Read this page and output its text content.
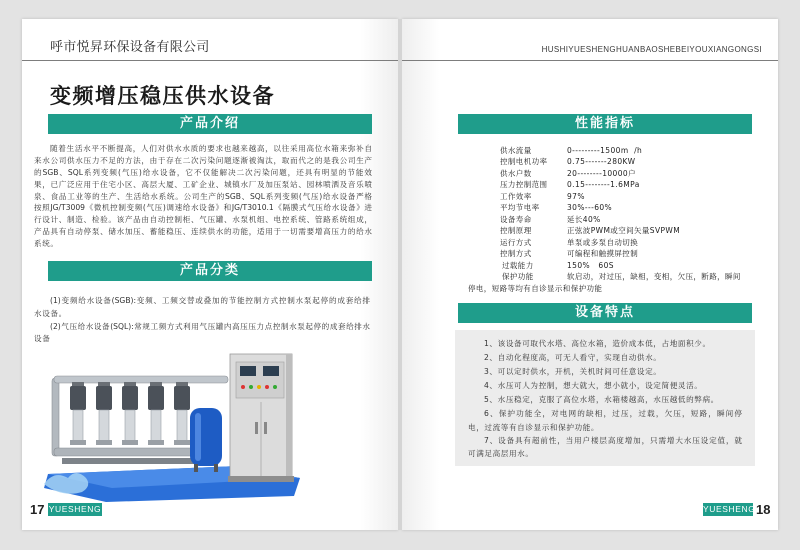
呼市悦昇环保设备有限公司
变频增压稳压供水设备
产品介绍
随着生活水平不断提高，人们对供水水质的要求也越来越高，以往采用高位水箱来弥补自
来水公司供水压力不足的方法，由于存在二次污染问题逐渐被淘汰，取而代之的是我公司生产
的SGB、SQL系列变频(气压)给水设备，它不仅能解决二次污染问题，还具有明显的节能效
果，已广泛应用于住宅小区、高层大厦、工矿企业、城镇水厂及加压泵站、园林喷洒及音乐喷
泉、食品工业等的生产、生活给水系统。公司生产的SGB、SQL系列变频(气压)给水设备严格
按照JG/T3009《微机控制变频(气压)调速给水设备》和JG/T3010.1《隔膜式气压给水设备》进
行设计、制造、检验。该产品由自动控制柜、气压罐、水泵机组、电控系统、管路系统组成，
产品具有自动停泵、储水加压、蓄能稳压、连续供水的功能，适用于一切需要增高压力的给水
系统。
产品分类
(1)变频给水设备(SGB):变频、工频交替或叠加的节能控制方式控制水泵起停的成套给排
水设备。
(2)气压给水设备(SQL):常规工频方式利用气压罐内高压压力点控制水泵起停的成套给排水
设备
17 YUESHENG
HUSHIYUESHENGHUANBAOSHEBEIYOUXIANGONGSI
性能指标
供水流量	0---------1500m  /h
控制电机功率	0.75-------280KW
供水户数	20--------10000户
压力控制范围	0.15--------1.6MPa
工作效率	97%
平均节电率	30%---60%
设备寿命	延长40%
控制原理	正弦波PWM或空间矢量SVPWM
运行方式	单泵或多泵自动切换
控制方式	可编程和触摸屏控制
过载能力	150%   60S
保护功能	软启动，对过压，缺相，变相，欠压，断路，瞬间
停电，短路等均有自诊显示和保护功能
设备特点
1、该设备可取代水塔、高位水箱，造价成本低，占地面积少。
2、自动化程度高，可无人看守，实现自动供水。
3、可以定时供水，开机，关机时间可任意设定。
4、水压可人为控制，想大就大，想小就小，设定简便灵活。
5、水压稳定，克服了高位水塔，水箱楼越高，水压越低的弊病。
6、保护功能全，对电网的缺相，过压，过载，欠压，短路，瞬间停
电，过流等有自诊显示和保护功能。
7、设备具有超前性，当用户楼层高度增加，只需增大水压设定值，就
可满足高层用水。
YUESHENG 18
